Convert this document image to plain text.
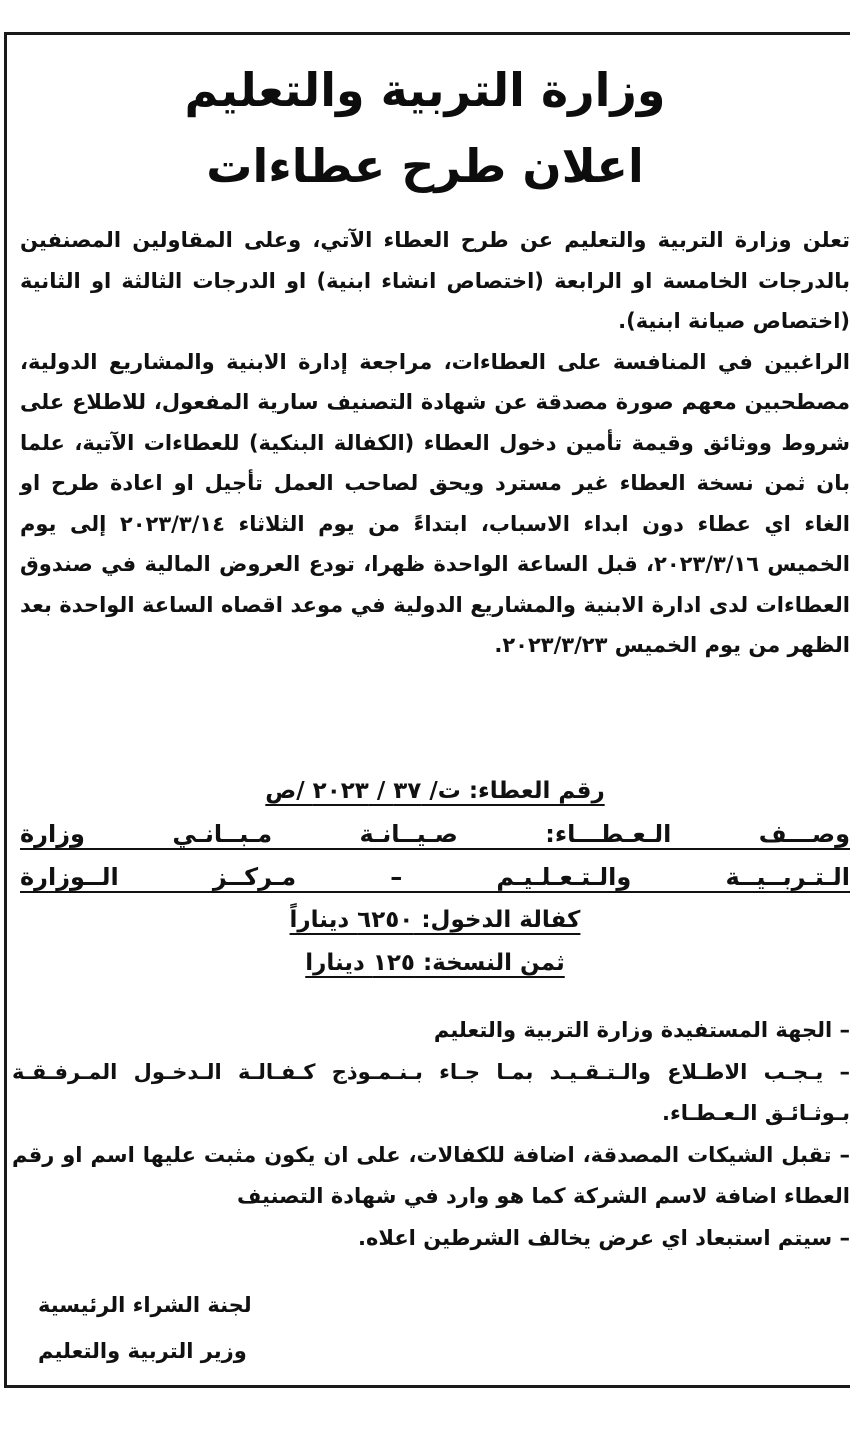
وزارة التربية والتعليم
اعلان طرح عطاءات

تعلن وزارة التربية والتعليم عن طرح العطاء الآتي، وعلى المقاولين المصنفين بالدرجات الخامسة او الرابعة (اختصاص انشاء ابنية) او الدرجات الثالثة او الثانية (اختصاص صيانة ابنية).

الراغبين في المنافسة على العطاءات، مراجعة إدارة الابنية والمشاريع الدولية، مصطحبين معهم صورة مصدقة عن شهادة التصنيف سارية المفعول، للاطلاع على شروط ووثائق وقيمة تأمين دخول العطاء (الكفالة البنكية) للعطاءات الآتية، علما بان ثمن نسخة العطاء غير مسترد ويحق لصاحب العمل تأجيل او اعادة طرح او الغاء اي عطاء دون ابداء الاسباب، ابتداءً من يوم الثلاثاء ٢٠٢٣/٣/١٤ إلى يوم الخميس ٢٠٢٣/٣/١٦، قبل الساعة الواحدة ظهرا، تودع العروض المالية في صندوق العطاءات لدى ادارة الابنية والمشاريع الدولية في موعد اقصاه الساعة الواحدة بعد الظهر من يوم الخميس ٢٠٢٣/٣/٢٣.

رقم العطاء: ت/ ٣٧ / ٢٠٢٣ /ص
وصـــف الـعـطـــاء: صـيــانـة مـبــانـي وزارة
الـتـربــيــة والـتـعـلـيـم – مـركــز الــوزارة
كفالة الدخول: ٦٢٥٠ ديناراً
ثمن النسخة: ١٢٥ دينارا

– الجهة المستفيدة وزارة التربية والتعليم

– يـجـب الاطـلاع والـتـقـيـد بمـا جـاء بـنـمـوذج كـفـالـة الـدخـول المـرفـقـة بـوثـائـق الـعـطـاء.

– تقبل الشيكات المصدقة، اضافة للكفالات، على ان يكون مثبت عليها اسم او رقم العطاء اضافة لاسم الشركة كما هو وارد في شهادة التصنيف

– سيتم استبعاد اي عرض يخالف الشرطين اعلاه.

لجنة الشراء الرئيسية
وزير التربية والتعليم
